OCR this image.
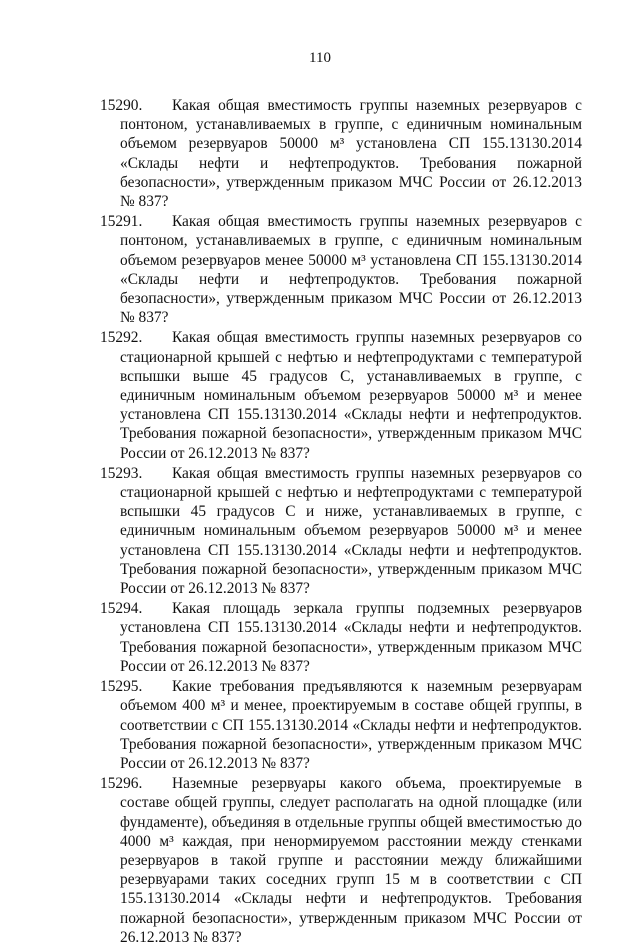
110
15290.	Какая общая вместимость группы наземных резервуаров с понтоном, устанавливаемых в группе, с единичным номинальным объемом резервуаров 50000 м³ установлена СП 155.13130.2014 «Склады нефти и нефтепродуктов. Требования пожарной безопасности», утвержденным приказом МЧС России от 26.12.2013 № 837?
15291.	Какая общая вместимость группы наземных резервуаров с понтоном, устанавливаемых в группе, с единичным номинальным объемом резервуаров менее 50000 м³ установлена СП 155.13130.2014 «Склады нефти и нефтепродуктов. Требования пожарной безопасности», утвержденным приказом МЧС России от 26.12.2013 № 837?
15292.	Какая общая вместимость группы наземных резервуаров со стационарной крышей с нефтью и нефтепродуктами с температурой вспышки выше 45 градусов С, устанавливаемых в группе, с единичным номинальным объемом резервуаров 50000 м³ и менее установлена СП 155.13130.2014 «Склады нефти и нефтепродуктов. Требования пожарной безопасности», утвержденным приказом МЧС России от 26.12.2013 № 837?
15293.	Какая общая вместимость группы наземных резервуаров со стационарной крышей с нефтью и нефтепродуктами с температурой вспышки 45 градусов С и ниже, устанавливаемых в группе, с единичным номинальным объемом резервуаров 50000 м³ и менее установлена СП 155.13130.2014 «Склады нефти и нефтепродуктов. Требования пожарной безопасности», утвержденным приказом МЧС России от 26.12.2013 № 837?
15294.	Какая площадь зеркала группы подземных резервуаров установлена СП 155.13130.2014 «Склады нефти и нефтепродуктов. Требования пожарной безопасности», утвержденным приказом МЧС России от 26.12.2013 № 837?
15295.	Какие требования предъявляются к наземным резервуарам объемом 400 м³ и менее, проектируемым в составе общей группы, в соответствии с СП 155.13130.2014 «Склады нефти и нефтепродуктов. Требования пожарной безопасности», утвержденным приказом МЧС России от 26.12.2013 № 837?
15296.	Наземные резервуары какого объема, проектируемые в составе общей группы, следует располагать на одной площадке (или фундаменте), объединяя в отдельные группы общей вместимостью до 4000 м³ каждая, при ненормируемом расстоянии между стенками резервуаров в такой группе и расстоянии между ближайшими резервуарами таких соседних групп 15 м в соответствии с СП 155.13130.2014 «Склады нефти и нефтепродуктов. Требования пожарной безопасности», утвержденным приказом МЧС России от 26.12.2013 № 837?
